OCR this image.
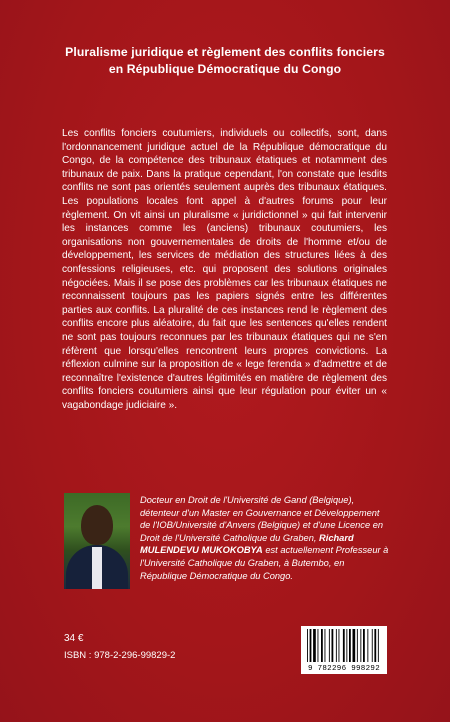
Pluralisme juridique et règlement des conflits fonciers
en République Démocratique du Congo

Les conflits fonciers coutumiers, individuels ou collectifs, sont, dans l'ordonnancement juridique actuel de la République démocratique du Congo, de la compétence des tribunaux étatiques et notamment des tribunaux de paix. Dans la pratique cependant, l'on constate que lesdits conflits ne sont pas orientés seulement auprès des tribunaux étatiques. Les populations locales font appel à d'autres forums pour leur règlement. On vit ainsi un pluralisme « juridictionnel » qui fait intervenir les instances comme les (anciens) tribunaux coutumiers, les organisations non gouvernementales de droits de l'homme et/ou de développement, les services de médiation des structures liées à des confessions religieuses, etc. qui proposent des solutions originales négociées. Mais il se pose des problèmes car les tribunaux étatiques ne reconnaissent toujours pas les papiers signés entre les différentes parties aux conflits. La pluralité de ces instances rend le règlement des conflits encore plus aléatoire, du fait que les sentences qu'elles rendent ne sont pas toujours reconnues par les tribunaux étatiques qui ne s'en réfèrent que lorsqu'elles rencontrent leurs propres convictions. La réflexion culmine sur la proposition de « lege ferenda » d'admettre et de reconnaître l'existence d'autres légitimités en matière de règlement des conflits fonciers coutumiers ainsi que leur régulation pour éviter un « vagabondage judiciaire ».

Docteur en Droit de l'Université de Gand (Belgique), détenteur d'un Master en Gouvernance et Développement de l'IOB/Université d'Anvers (Belgique) et d'une Licence en Droit de l'Université Catholique du Graben, Richard MULENDEVU MUKOKOBYA est actuellement Professeur à l'Université Catholique du Graben, à Butembo, en République Démocratique du Congo.

34 €
ISBN : 978-2-296-99829-2
9 782296 998292
